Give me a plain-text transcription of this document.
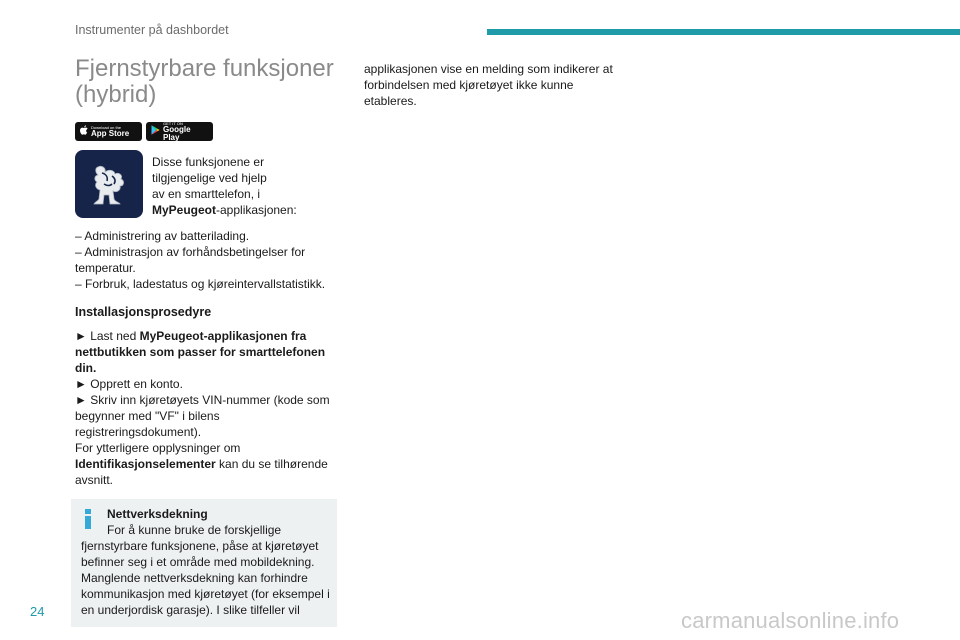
Instrumenter på dashbordet
Fjernstyrbare funksjoner (hybrid)
Download on the
App Store
GET IT ON
Google Play
Disse funksjonene er
tilgjengelige ved hjelp
av en smarttelefon, i
MyPeugeot-applikasjonen:

– Administrering av batterilading.

– Administrasjon av forhåndsbetingelser for temperatur.

– Forbruk, ladestatus og kjøreintervallstatistikk.

Installasjonsprosedyre

► Last ned MyPeugeot-applikasjonen fra nettbutikken som passer for smarttelefonen din.

► Opprett en konto.

► Skriv inn kjøretøyets VIN-nummer (kode som begynner med "VF" i bilens registreringsdokument).

For ytterligere opplysninger om Identifikasjonselementer kan du se tilhørende avsnitt.

Nettverksdekning
For å kunne bruke de forskjellige
fjernstyrbare funksjonene, påse at kjøretøyet befinner seg i et område med mobildekning. Manglende nettverksdekning kan forhindre kommunikasjon med kjøretøyet (for eksempel i en underjordisk garasje). I slike tilfeller vil

applikasjonen vise en melding som indikerer at forbindelsen med kjøretøyet ikke kunne etableres.

24	carmanualsonline.info
